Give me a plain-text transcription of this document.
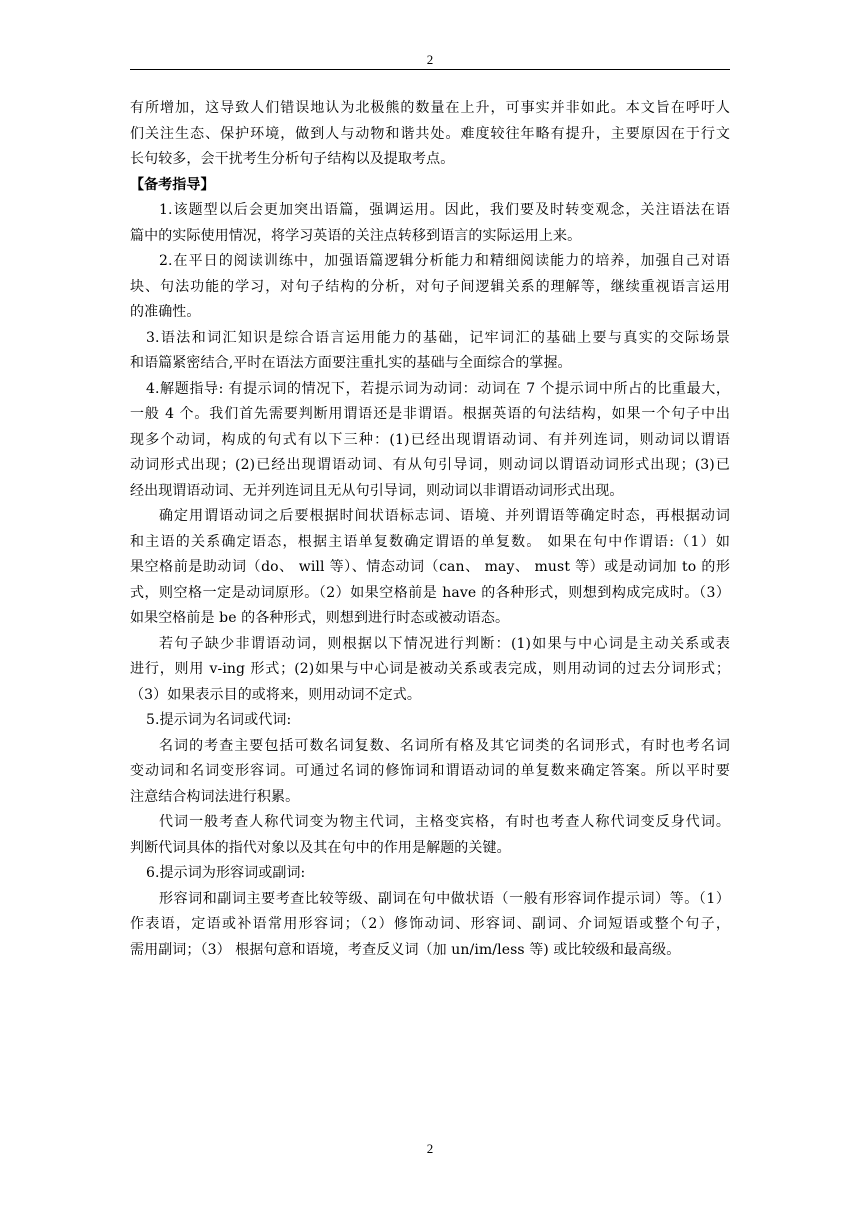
2
有所增加，这导致人们错误地认为北极熊的数量在上升，可事实并非如此。本文旨在呼吁人
们关注生态、保护环境，做到人与动物和谐共处。难度较往年略有提升，主要原因在于行文
长句较多，会干扰考生分析句子结构以及提取考点。
【备考指导】
1.该题型以后会更加突出语篇，强调运用。因此，我们要及时转变观念，关注语法在语
篇中的实际使用情况，将学习英语的关注点转移到语言的实际运用上来。
2.在平日的阅读训练中，加强语篇逻辑分析能力和精细阅读能力的培养，加强自己对语
块、句法功能的学习，对句子结构的分析，对句子间逻辑关系的理解等，继续重视语言运用
的准确性。
3.语法和词汇知识是综合语言运用能力的基础，记牢词汇的基础上要与真实的交际场景
和语篇紧密结合,平时在语法方面要注重扎实的基础与全面综合的掌握。
4.解题指导: 有提示词的情况下，若提示词为动词：动词在 7 个提示词中所占的比重最大，
一般 4 个。我们首先需要判断用谓语还是非谓语。根据英语的句法结构，如果一个句子中出
现多个动词，构成的句式有以下三种：(1)已经出现谓语动词、有并列连词，则动词以谓语
动词形式出现；(2)已经出现谓语动词、有从句引导词，则动词以谓语动词形式出现；(3)已
经出现谓语动词、无并列连词且无从句引导词，则动词以非谓语动词形式出现。
确定用谓语动词之后要根据时间状语标志词、语境、并列谓语等确定时态，再根据动词
和主语的关系确定语态，根据主语单复数确定谓语的单复数。 如果在句中作谓语:（1）如
果空格前是助动词（do、 will 等）、情态动词（can、 may、 must 等）或是动词加 to 的形
式，则空格一定是动词原形。（2）如果空格前是 have 的各种形式，则想到构成完成时。（3）
如果空格前是 be 的各种形式，则想到进行时态或被动语态。
若句子缺少非谓语动词，则根据以下情况进行判断：(1)如果与中心词是主动关系或表
进行，则用 v-ing 形式；(2)如果与中心词是被动关系或表完成，则用动词的过去分词形式；
（3）如果表示目的或将来，则用动词不定式。
5.提示词为名词或代词:
名词的考查主要包括可数名词复数、名词所有格及其它词类的名词形式，有时也考名词
变动词和名词变形容词。可通过名词的修饰词和谓语动词的单复数来确定答案。所以平时要
注意结合构词法进行积累。
代词一般考查人称代词变为物主代词，主格变宾格，有时也考查人称代词变反身代词。
判断代词具体的指代对象以及其在句中的作用是解题的关键。
6.提示词为形容词或副词:
形容词和副词主要考查比较等级、副词在句中做状语（一般有形容词作提示词）等。（1）
作表语，定语或补语常用形容词；（2）修饰动词、形容词、副词、介词短语或整个句子，
需用副词；（3） 根据句意和语境，考查反义词（加 un/im/less 等) 或比较级和最高级。
2
